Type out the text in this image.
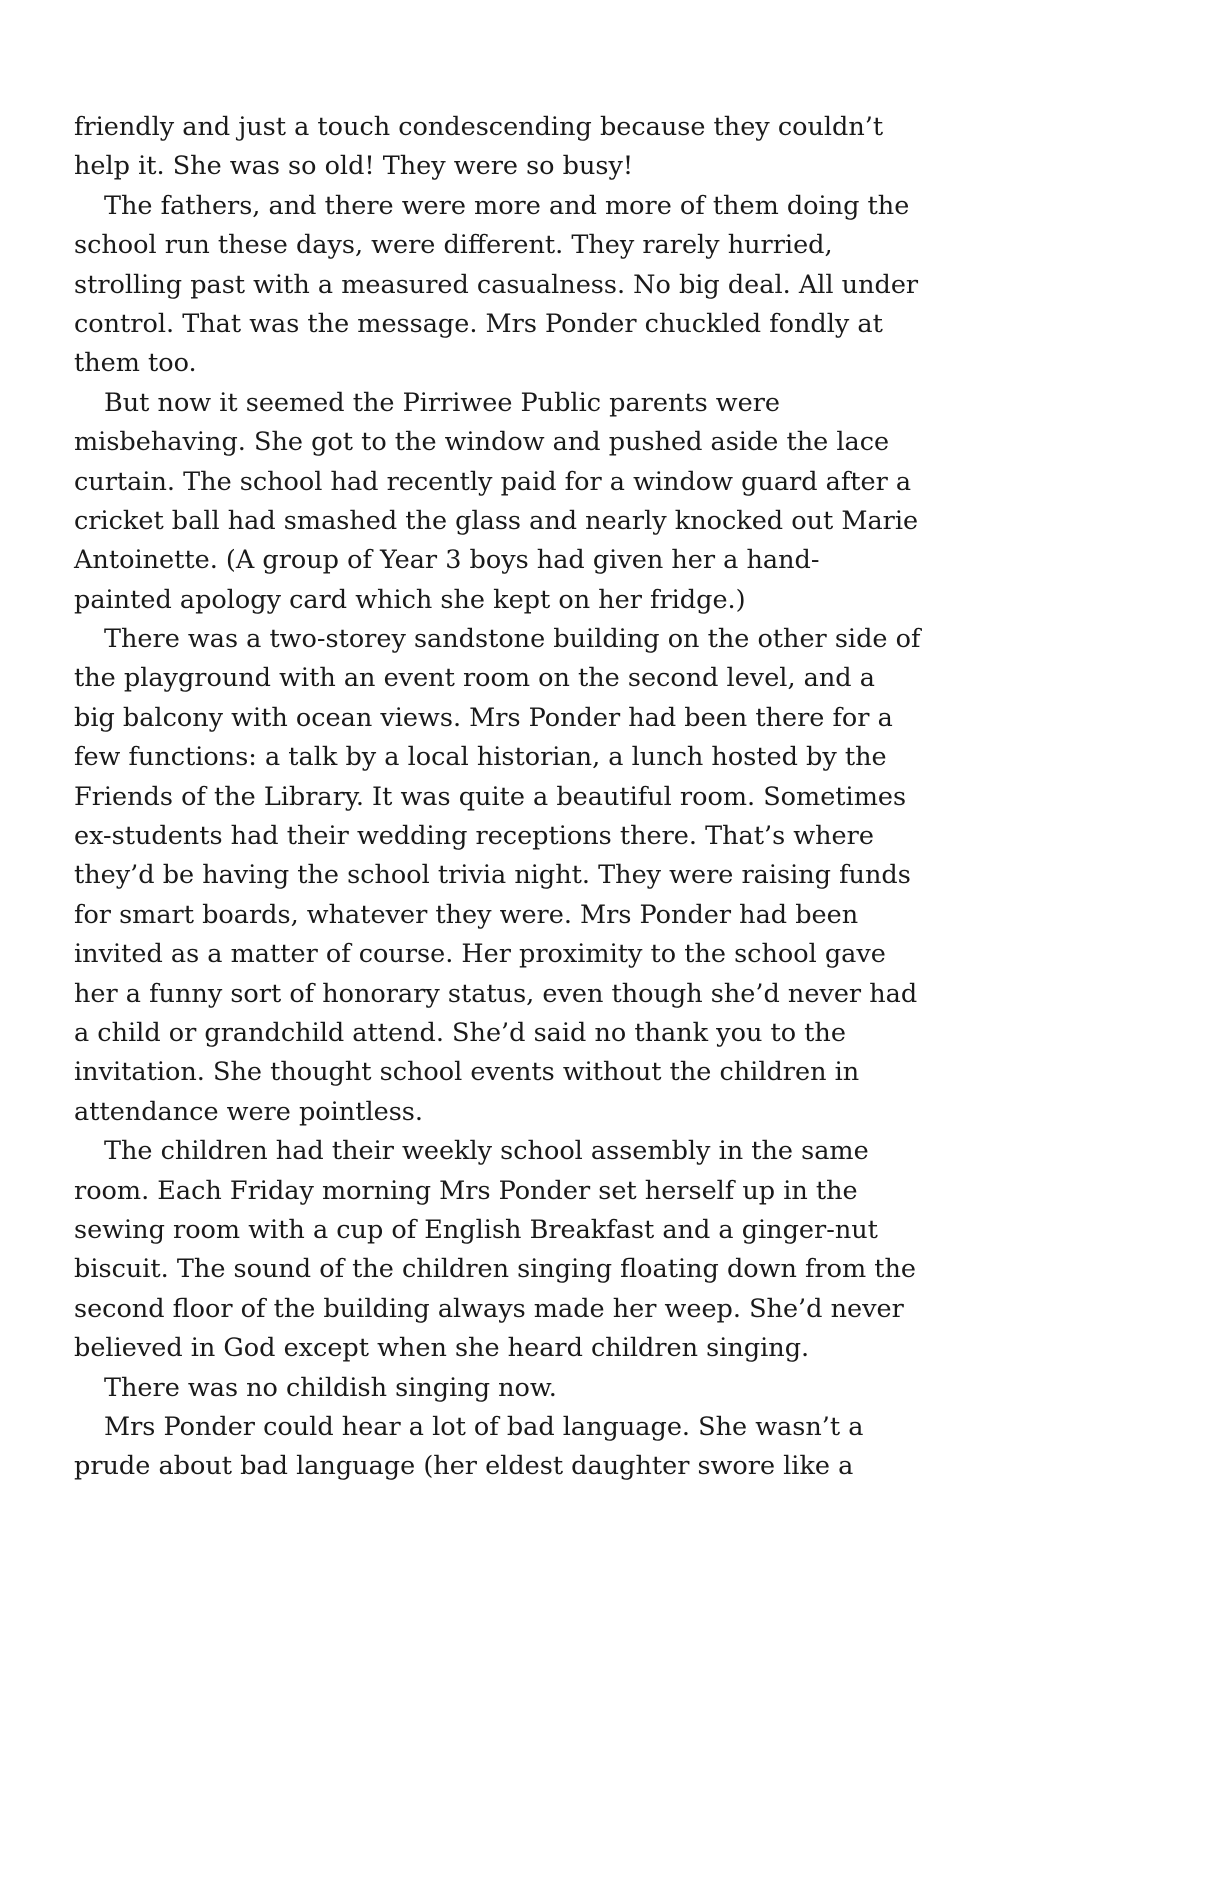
friendly and just a touch condescending because they couldn’t
help it. She was so old! They were so busy!
The fathers, and there were more and more of them doing the
school run these days, were different. They rarely hurried,
strolling past with a measured casualness. No big deal. All under
control. That was the message. Mrs Ponder chuckled fondly at
them too.
But now it seemed the Pirriwee Public parents were
misbehaving. She got to the window and pushed aside the lace
curtain. The school had recently paid for a window guard after a
cricket ball had smashed the glass and nearly knocked out Marie
Antoinette. (A group of Year 3 boys had given her a hand-
painted apology card which she kept on her fridge.)
There was a two-storey sandstone building on the other side of
the playground with an event room on the second level, and a
big balcony with ocean views. Mrs Ponder had been there for a
few functions: a talk by a local historian, a lunch hosted by the
Friends of the Library. It was quite a beautiful room. Sometimes
ex-students had their wedding receptions there. That’s where
they’d be having the school trivia night. They were raising funds
for smart boards, whatever they were. Mrs Ponder had been
invited as a matter of course. Her proximity to the school gave
her a funny sort of honorary status, even though she’d never had
a child or grandchild attend. She’d said no thank you to the
invitation. She thought school events without the children in
attendance were pointless.
The children had their weekly school assembly in the same
room. Each Friday morning Mrs Ponder set herself up in the
sewing room with a cup of English Breakfast and a ginger-nut
biscuit. The sound of the children singing floating down from the
second floor of the building always made her weep. She’d never
believed in God except when she heard children singing.
There was no childish singing now.
Mrs Ponder could hear a lot of bad language. She wasn’t a
prude about bad language (her eldest daughter swore like a
